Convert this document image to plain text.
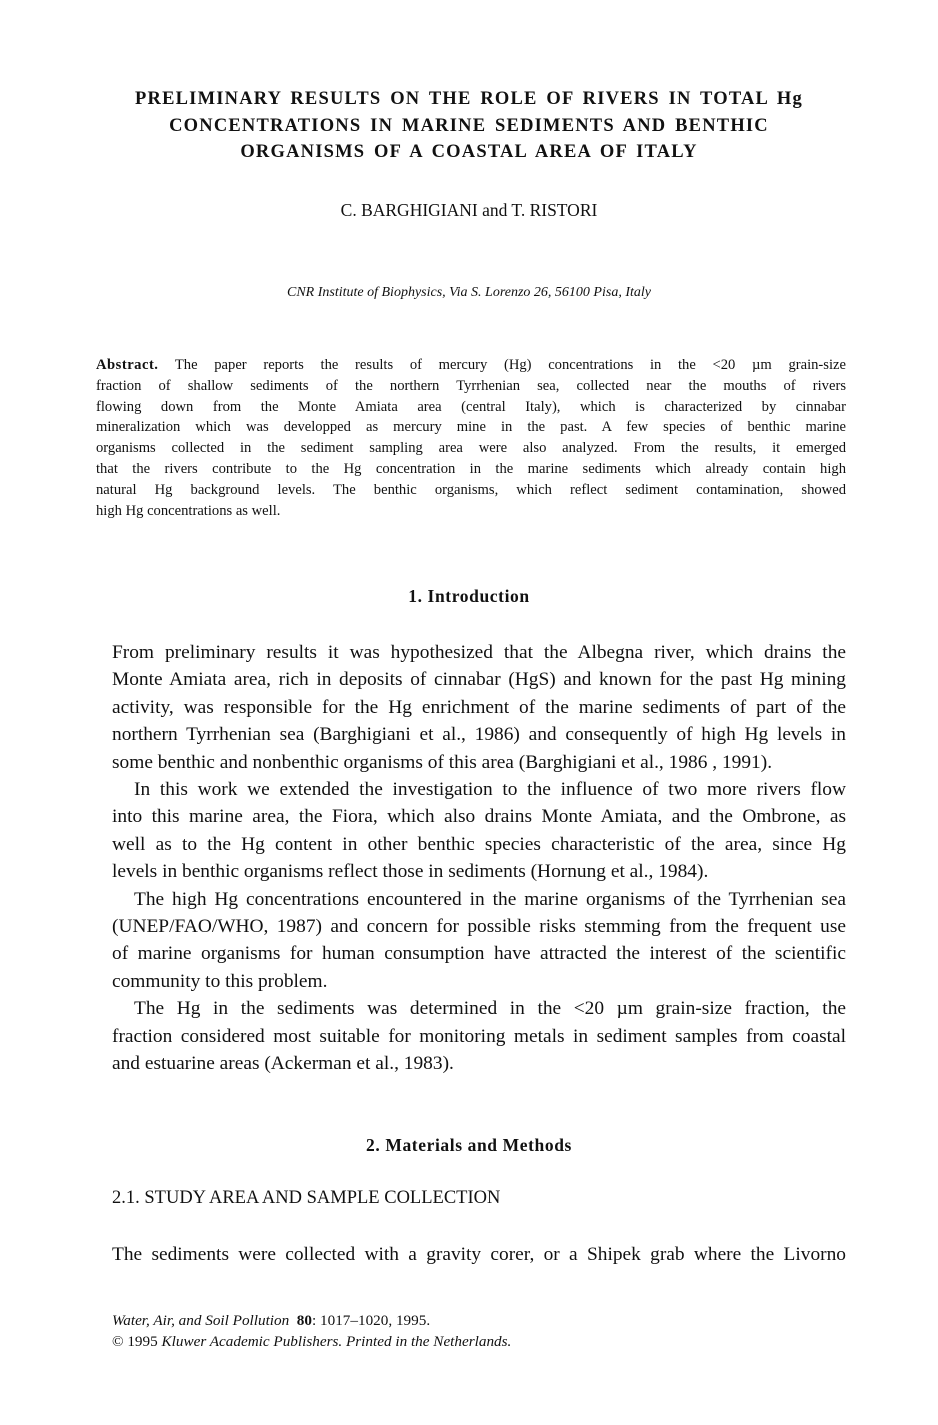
PRELIMINARY RESULTS ON THE ROLE OF RIVERS IN TOTAL Hg
CONCENTRATIONS IN MARINE SEDIMENTS AND BENTHIC
ORGANISMS OF A COASTAL AREA OF ITALY
C. BARGHIGIANI and T. RISTORI
CNR Institute of Biophysics, Via S. Lorenzo 26, 56100 Pisa, Italy
Abstract. The paper reports the results of mercury (Hg) concentrations in the <20 µm grain-size
fraction of shallow sediments of the northern Tyrrhenian sea, collected near the mouths of rivers
flowing down from the Monte Amiata area (central Italy), which is characterized by cinnabar
mineralization which was developped as mercury mine in the past. A few species of benthic marine
organisms collected in the sediment sampling area were also analyzed. From the results, it emerged
that the rivers contribute to the Hg concentration in the marine sediments which already contain high
natural Hg background levels. The benthic organisms, which reflect sediment contamination, showed
high Hg concentrations as well.
1. Introduction
From preliminary results it was hypothesized that the Albegna river, which drains the
Monte Amiata area, rich in deposits of cinnabar (HgS) and known for the past Hg mining
activity, was responsible for the Hg enrichment of the marine sediments of part of the
northern Tyrrhenian sea (Barghigiani et al., 1986) and consequently of high Hg levels in
some benthic and nonbenthic organisms of this area (Barghigiani et al., 1986 , 1991).
In this work we extended the investigation to the influence of two more rivers flow
into this marine area, the Fiora, which also drains Monte Amiata, and the Ombrone, as
well as to the Hg content in other benthic species characteristic of the area, since Hg
levels in benthic organisms reflect those in sediments (Hornung et al., 1984).
The high Hg concentrations encountered in the marine organisms of the Tyrrhenian sea
(UNEP/FAO/WHO, 1987) and concern for possible risks stemming from the frequent use
of marine organisms for human consumption have attracted the interest of the scientific
community to this problem.
The Hg in the sediments was determined in the <20 µm grain-size fraction, the
fraction considered most suitable for monitoring metals in sediment samples from coastal
and estuarine areas (Ackerman et al., 1983).
2. Materials and Methods
2.1. STUDY AREA AND SAMPLE COLLECTION
The sediments were collected with a gravity corer, or a Shipek grab where the Livorno
Water, Air, and Soil Pollution 80: 1017–1020, 1995.
© 1995 Kluwer Academic Publishers. Printed in the Netherlands.
